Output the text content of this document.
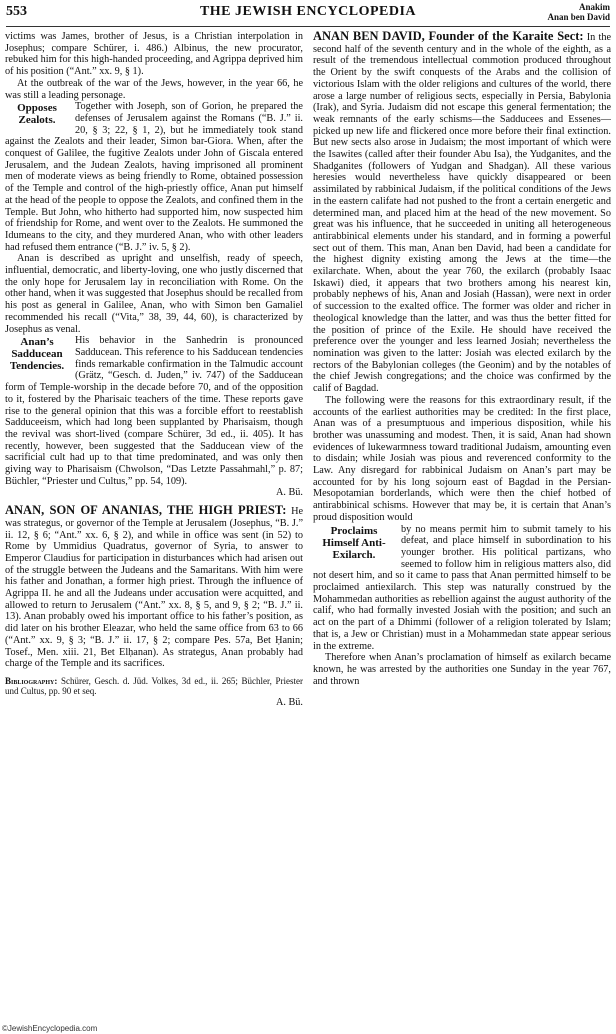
553	THE JEWISH ENCYCLOPEDIA	Anakim
Anan ben David

victims was James, brother of Jesus, is a Christian interpolation in Josephus; compare Schürer, i. 486.) Albinus, the new procurator, rebuked him for this high-handed proceeding, and Agrippa deprived him of his position (“Ant.” xx. 9, § 1).

At the outbreak of the war of the Jews, however, in the year 66, he was still a leading personage.

Opposes Zealots.

Together with Joseph, son of Gorion, he prepared the defenses of Jerusalem against the Romans (“B. J.” ii. 20, § 3; 22, § 1, 2), but he immediately took stand against the Zealots and their leader, Simon bar-Giora. When, after the conquest of Galilee, the fugitive Zealots under John of Giscala entered Jerusalem, and the Judean Zealots, having imprisoned all prominent men of moderate views as being friendly to Rome, obtained possession of the Temple and control of the high-priestly office, Anan put himself at the head of the people to oppose the Zealots, and confined them in the Temple. But John, who hitherto had supported him, now suspected him of friendship for Rome, and went over to the Zealots. He summoned the Idumeans to the city, and they murdered Anan, who with other leaders had refused them entrance (“B. J.” iv. 5, § 2).

Anan is described as upright and unselfish, ready of speech, influential, democratic, and liberty-loving, one who justly discerned that the only hope for Jerusalem lay in reconciliation with Rome. On the other hand, when it was suggested that Josephus should be recalled from his post as general in Galilee, Anan, who with Simon ben Gamaliel recommended his recall (“Vita,” 38, 39, 44, 60), is characterized by Josephus as venal.

Anan’s Sadducean Tendencies.

His behavior in the Sanhedrin is pronounced Sadducean. This reference to his Sadducean tendencies finds remarkable confirmation in the Talmudic account (Grätz, “Gesch. d. Juden,” iv. 747) of the Sadducean form of Temple-worship in the decade before 70, and of the opposition to it, fostered by the Pharisaic teachers of the time. These reports gave rise to the general opinion that this was a forcible effort to reestablish Sadduceeism, which had long been supplanted by Pharisaism, though the revival was short-lived (compare Schürer, 3d ed., ii. 405). It has recently, however, been suggested that the Sadducean view of the sacrificial cult had up to that time predominated, and was only then giving way to Pharisaism (Chwolson, “Das Letzte Passahmahl,” p. 87; Büchler, “Priester und Cultus,” pp. 54, 109).

A. Bü.

ANAN, SON OF ANANIAS, THE HIGH PRIEST: He was strategus, or governor of the Temple at Jerusalem (Josephus, “B. J.” ii. 12, § 6; “Ant.” xx. 6, § 2), and while in office was sent (in 52) to Rome by Ummidius Quadratus, governor of Syria, to answer to Emperor Claudius for participation in disturbances which had arisen out of the struggle between the Judeans and the Samaritans. With him were his father and Jonathan, a former high priest. Through the influence of Agrippa II. he and all the Judeans under accusation were acquitted, and allowed to return to Jerusalem (“Ant.” xx. 8, § 5, and 9, § 2; “B. J.” ii. 13). Anan probably owed his important office to his father’s position, as did later on his brother Eleazar, who held the same office from 63 to 66 (“Ant.” xx. 9, § 3; “B. J.” ii. 17, § 2; compare Pes. 57a, Bet Ḥanin; Tosef., Men. xiii. 21, Bet Elḥanan). As strategus, Anan probably had charge of the Temple and its sacrifices.

Bibliography: Schürer, Gesch. d. Jüd. Volkes, 3d ed., ii. 265; Büchler, Priester und Cultus, pp. 90 et seq.

A. Bü.

ANAN BEN DAVID, Founder of the Karaite Sect: In the second half of the seventh century and in the whole of the eighth, as a result of the tremendous intellectual commotion produced throughout the Orient by the swift conquests of the Arabs and the collision of victorious Islam with the older religions and cultures of the world, there arose a large number of religious sects, especially in Persia, Babylonia (Irak), and Syria. Judaism did not escape this general fermentation; the weak remnants of the early schisms—the Sadducees and Essenes—picked up new life and flickered once more before their final extinction. But new sects also arose in Judaism; the most important of which were the Isawites (called after their founder Abu Isa), the Yudganites, and the Shadganites (followers of Yudgan and Shadgan). All these various heresies would nevertheless have quickly disappeared or been assimilated by rabbinical Judaism, if the political conditions of the Jews in the eastern califate had not pushed to the front a certain energetic and determined man, and placed him at the head of the new movement. So great was his influence, that he succeeded in uniting all heterogeneous antirabbinical elements under his standard, and in forming a powerful sect out of them. This man, Anan ben David, had been a candidate for the highest dignity existing among the Jews at the time—the exilarchate. When, about the year 760, the exilarch (probably Isaac Iskawi) died, it appears that two brothers among his nearest kin, probably nephews of his, Anan and Josiah (Hassan), were next in order of succession to the exalted office. The former was older and richer in theological knowledge than the latter, and was thus the better fitted for the position of prince of the Exile. He should have received the preference over the younger and less learned Josiah; nevertheless the nomination was given to the latter: Josiah was elected exilarch by the rectors of the Babylonian colleges (the Geonim) and by the notables of the chief Jewish congregations; and the choice was confirmed by the calif of Bagdad.

The following were the reasons for this extraordinary result, if the accounts of the earliest authorities may be credited: In the first place, Anan was of a presumptuous and imperious disposition, while his brother was unassuming and modest. Then, it is said, Anan had shown evidences of lukewarmness toward traditional Judaism, amounting even to disdain; while Josiah was pious and reverenced conformity to the Law. Any disregard for rabbinical Judaism on Anan’s part may be accounted for by his long sojourn east of Bagdad in the Persian-Mesopotamian borderlands, which were then the chief hotbed of antirabbinical schisms. However that may be, it is certain that Anan’s proud disposition would

Proclaims Himself Anti-Exilarch.

by no means permit him to submit tamely to his defeat, and place himself in subordination to his younger brother. His political partizans, who seemed to follow him in religious matters also, did not desert him, and so it came to pass that Anan permitted himself to be proclaimed antiexilarch. This step was naturally construed by the Mohammedan authorities as rebellion against the august authority of the calif, who had formally invested Josiah with the position; and such an act on the part of a Dhimmi (follower of a religion tolerated by Islam; that is, a Jew or Christian) must in a Mohammedan state appear serious in the extreme.

Therefore when Anan’s proclamation of himself as exilarch became known, he was arrested by the authorities one Sunday in the year 767, and thrown

©JewishEncyclopedia.com
